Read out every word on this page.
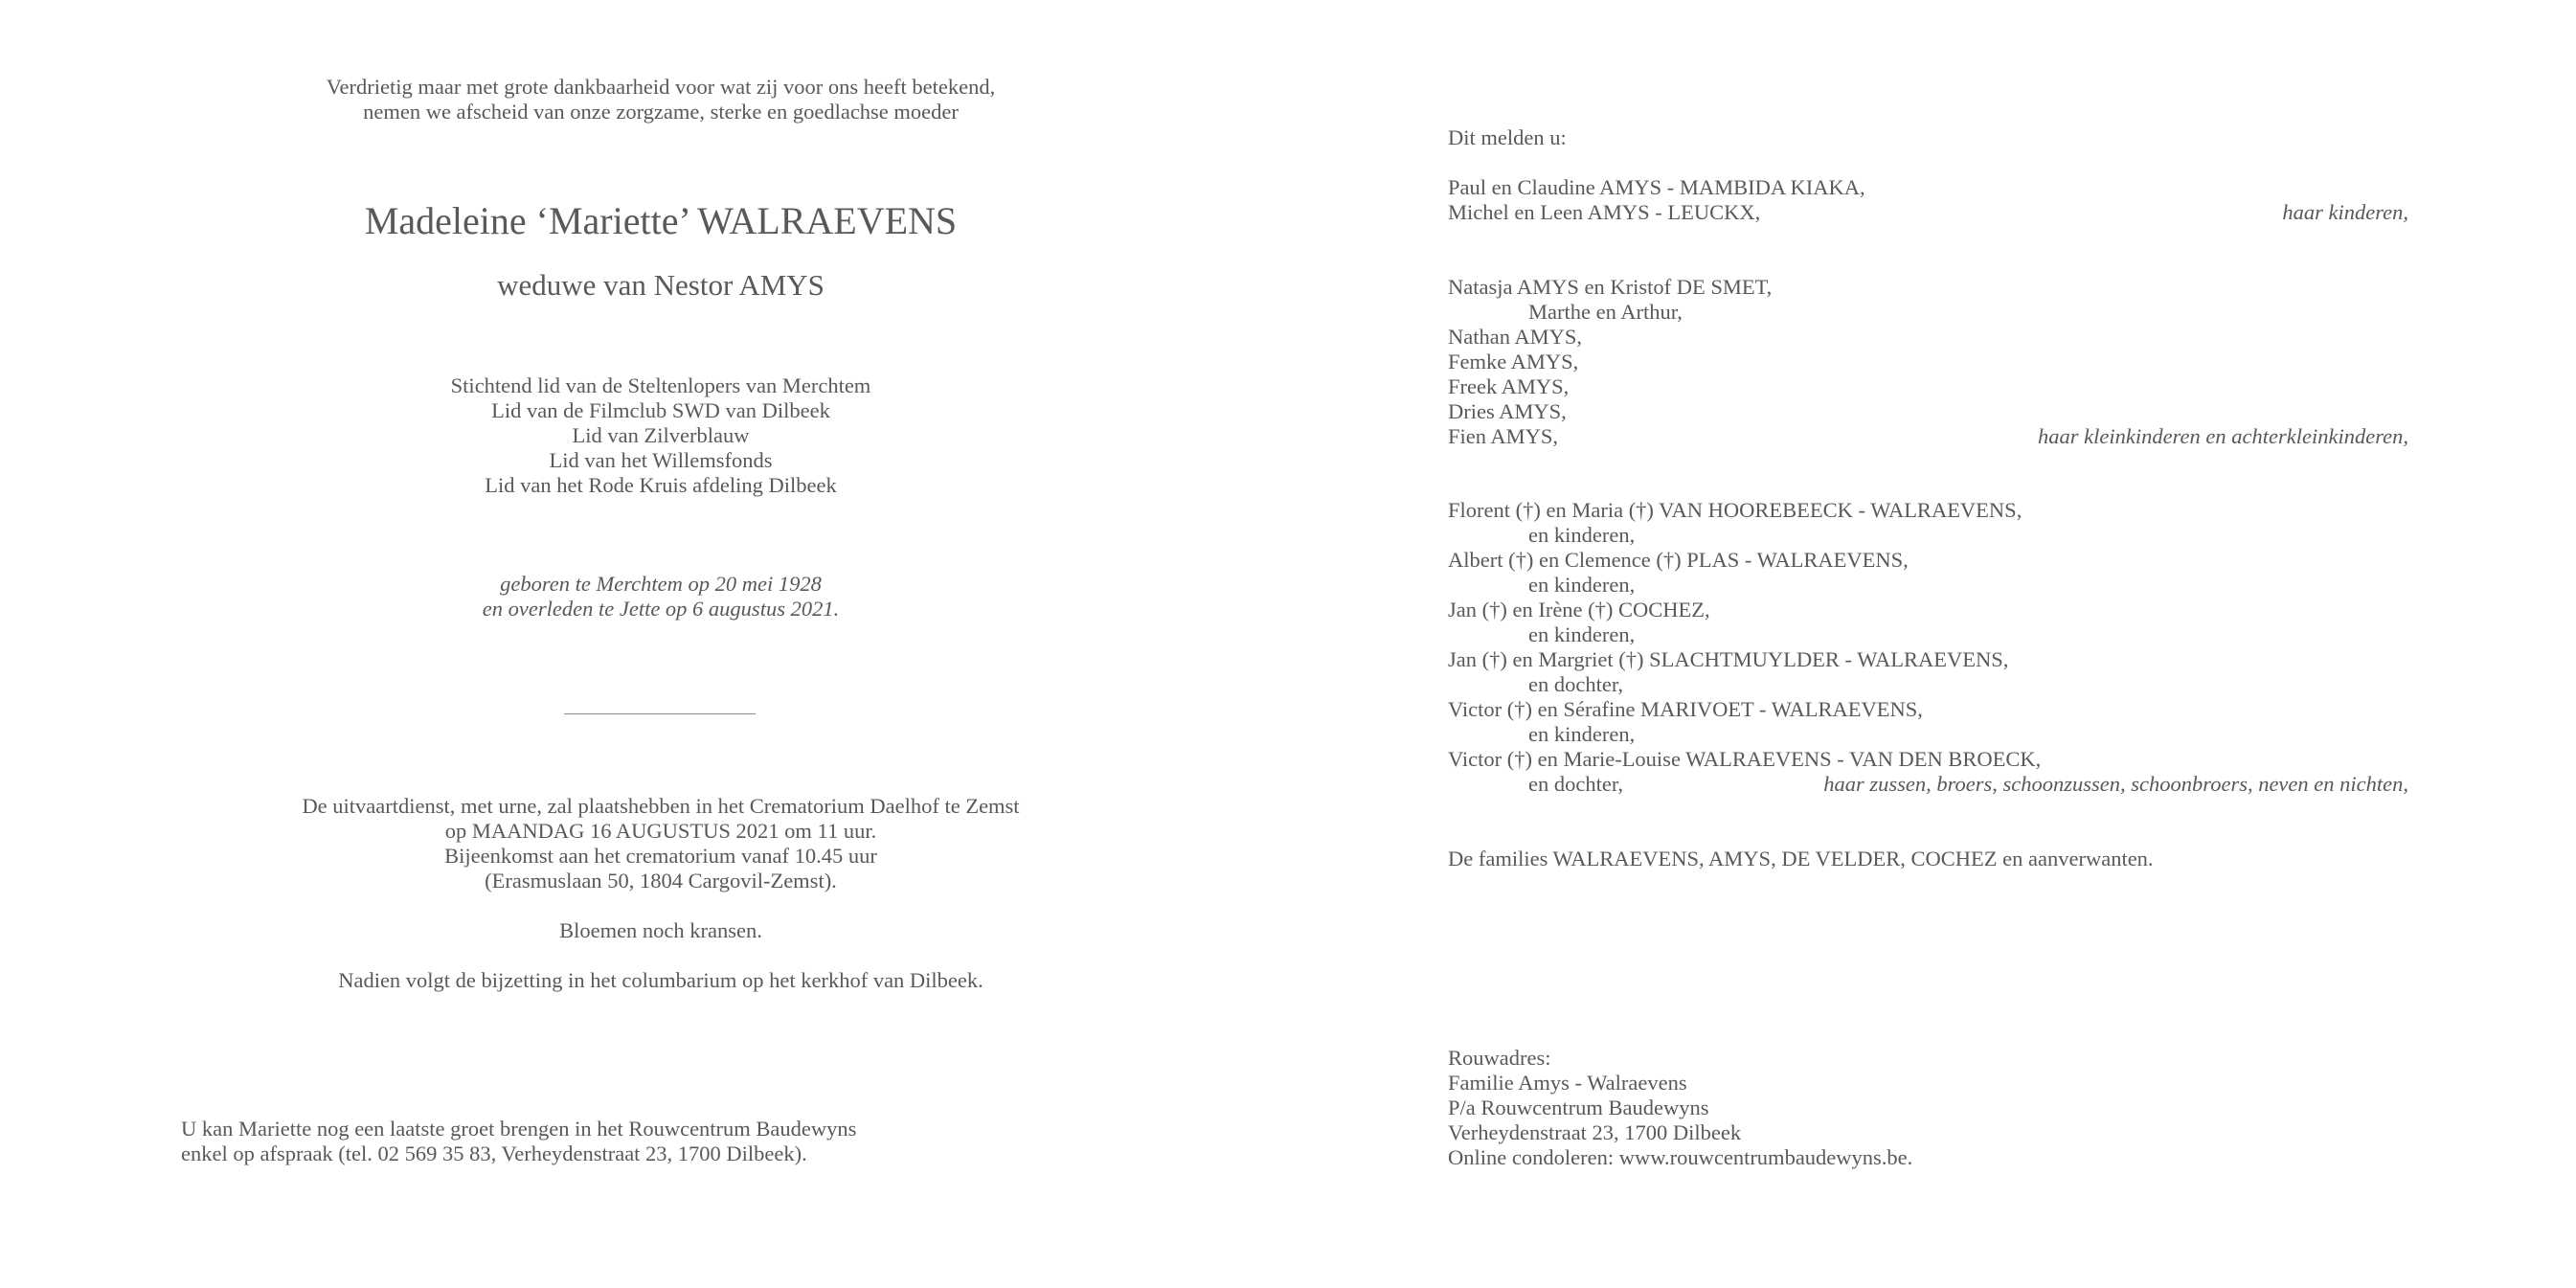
Verdrietig maar met grote dankbaarheid voor wat zij voor ons heeft betekend,
nemen we afscheid van onze zorgzame, sterke en goedlachse moeder
Madeleine ‘Mariette’ WALRAEVENS
weduwe van Nestor AMYS
Stichtend lid van de Steltenlopers van Merchtem
Lid van de Filmclub SWD van Dilbeek
Lid van Zilverblauw
Lid van het Willemsfonds
Lid van het Rode Kruis afdeling Dilbeek
geboren te Merchtem op 20 mei 1928
en overleden te Jette op 6 augustus 2021.
De uitvaartdienst, met urne, zal plaatshebben in het Crematorium Daelhof te Zemst
op MAANDAG 16 AUGUSTUS 2021 om 11 uur.
Bijeenkomst aan het crematorium vanaf 10.45 uur
(Erasmuslaan 50, 1804 Cargovil-Zemst).
Bloemen noch kransen.
Nadien volgt de bijzetting in het columbarium op het kerkhof van Dilbeek.
U kan Mariette nog een laatste groet brengen in het Rouwcentrum Baudewyns
enkel op afspraak (tel. 02 569 35 83, Verheydenstraat 23, 1700 Dilbeek).
Dit melden u:
Paul en Claudine AMYS - MAMBIDA KIAKA,
Michel en Leen AMYS - LEUCKX,	haar kinderen,
Natasja AMYS en Kristof DE SMET,
Marthe en Arthur,
Nathan AMYS,
Femke AMYS,
Freek AMYS,
Dries AMYS,
Fien AMYS,	haar kleinkinderen en achterkleinkinderen,
Florent (†) en Maria (†) VAN HOOREBEECK - WALRAEVENS,
en kinderen,
Albert (†) en Clemence (†) PLAS - WALRAEVENS,
en kinderen,
Jan (†) en Irène (†) COCHEZ,
en kinderen,
Jan (†) en Margriet (†) SLACHTMUYLDER - WALRAEVENS,
en dochter,
Victor (†) en Sérafine MARIVOET - WALRAEVENS,
en kinderen,
Victor (†) en Marie-Louise WALRAEVENS - VAN DEN BROECK,
en dochter,	haar zussen, broers, schoonzussen, schoonbroers, neven en nichten,
De families WALRAEVENS, AMYS, DE VELDER, COCHEZ en aanverwanten.
Rouwadres:
Familie Amys - Walraevens
P/a Rouwcentrum Baudewyns
Verheydenstraat 23, 1700 Dilbeek
Online condoleren: www.rouwcentrumbaudewyns.be.
